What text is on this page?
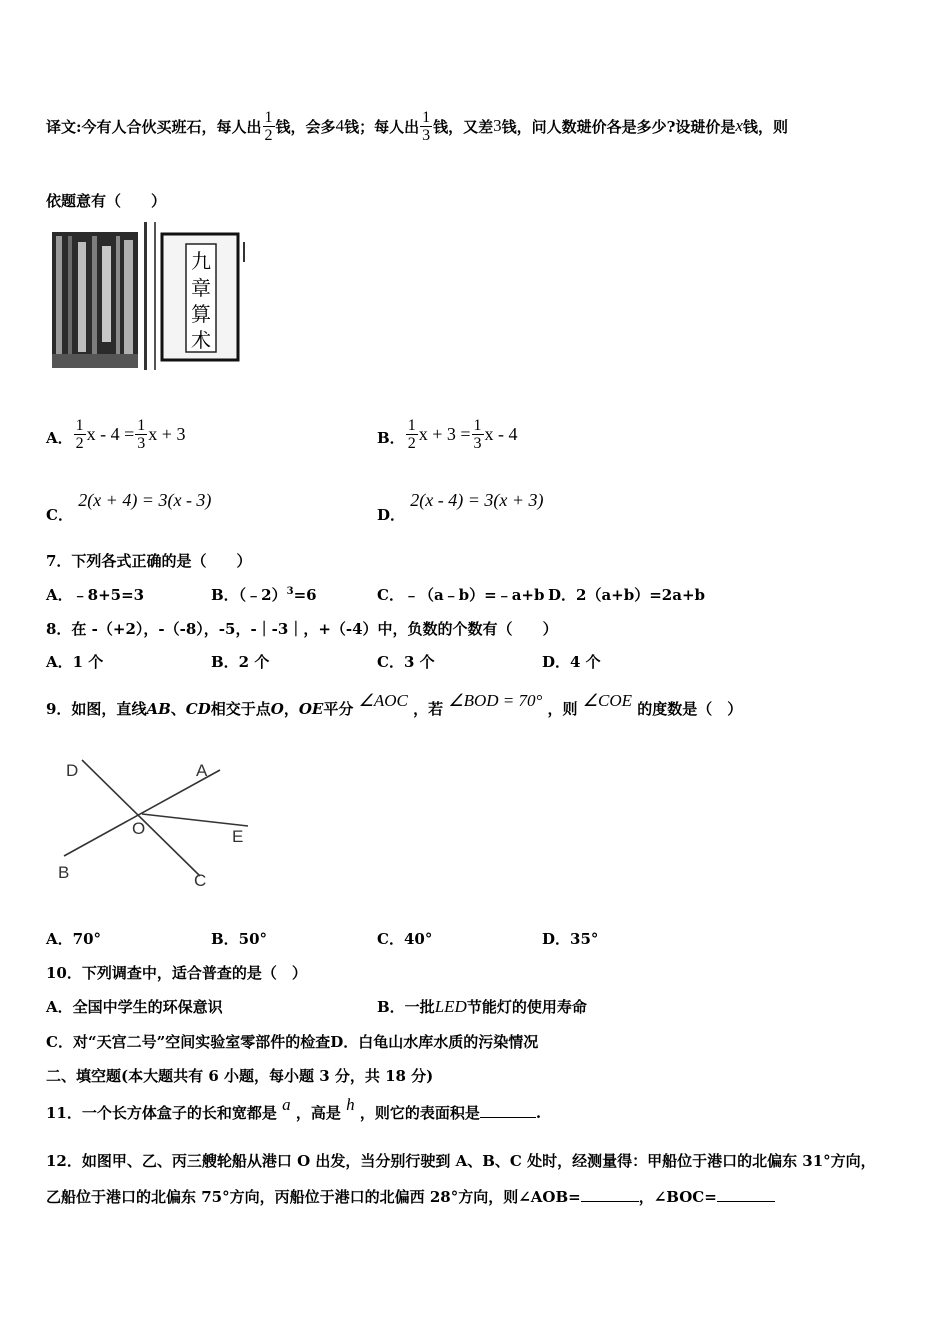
译文:今有人合伙买班石，每人出 $\frac{1}{2}$ 钱，会多 4 钱；每人出 $\frac{1}{3}$ 钱，又差 3 钱，问人数琎价各是多少?设琎价是 x 钱，则
依题意有（　　）
九
章
算
术
A． $\frac{1}{2}$ $x - 4 = \frac{1}{3}$ x + 3	B． $\frac{1}{2}$ $x + 3 = \frac{1}{3}$ x - 4
C． 2(x + 4) = 3(x - 3)
D． 2(x - 4) = 3(x + 3)
7．下列各式正确的是（　　）
A．﹣8+5=3	B．（﹣2）$^3$=6	C．﹣（a﹣b）=﹣a+b D．2（a+b）=2a+b
8．在 -（+2），-（-8），-5，-｜-3｜，+（-4）中，负数的个数有（　　）
A．1 个	B．2 个	C．3 个	D．4 个
9．如图，直线AB、CD相交于点O，OE平分 ∠AOC ，若 ∠BOD = 70° ，则 ∠COE 的度数是（　）
D	A
O	E
B	C
A．70°	B．50°	C．40°	D．35°
10．下列调查中，适合普查的是（　）
A．全国中学生的环保意识	B．一批LED节能灯的使用寿命
C．对“天宫二号”空间实验室零部件的检查D．白龟山水库水质的污染情况
二、填空题(本大题共有 6 小题，每小题 3 分，共 18 分)
11．一个长方体盒子的长和宽都是 a ，高是 h ，则它的表面积是	.
12．如图甲、乙、丙三艘轮船从港口 O 出发，当分别行驶到 A、B、C 处时，经测量得：甲船位于港口的北偏东 31°方向，
乙船位于港口的北偏东 75°方向，丙船位于港口的北偏西 28°方向，则∠AOB=	，∠BOC=
